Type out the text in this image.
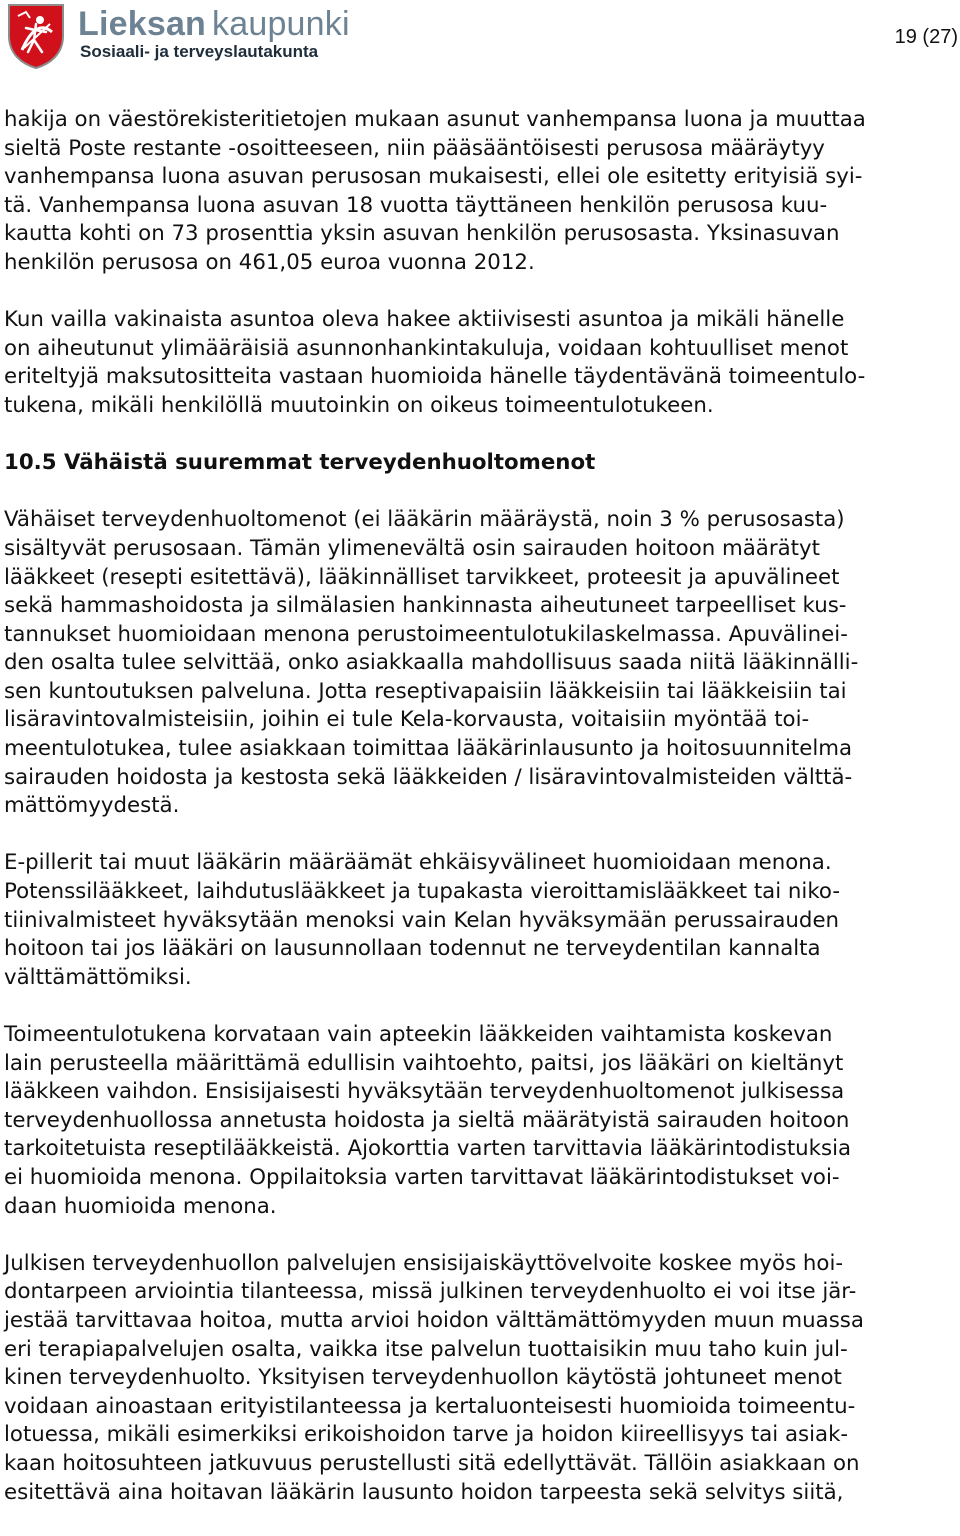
Lieksan kaupunki
Sosiaali- ja terveyslautakunta
19 (27)

hakija on väestörekisteritietojen mukaan asunut vanhempansa luona ja muuttaa
sieltä Poste restante -osoitteeseen, niin pääsääntöisesti perusosa määräytyy
vanhempansa luona asuvan perusosan mukaisesti, ellei ole esitetty erityisiä syi-
tä. Vanhempansa luona asuvan 18 vuotta täyttäneen henkilön perusosa kuu-
kautta kohti on 73 prosenttia yksin asuvan henkilön perusosasta. Yksinasuvan
henkilön perusosa on 461,05 euroa vuonna 2012.

Kun vailla vakinaista asuntoa oleva hakee aktiivisesti asuntoa ja mikäli hänelle
on aiheutunut ylimääräisiä asunnonhankintakuluja, voidaan kohtuulliset menot
eriteltyjä maksutositteita vastaan huomioida hänelle täydentävänä toimeentulo-
tukena, mikäli henkilöllä muutoinkin on oikeus toimeentulotukeen.

10.5 Vähäistä suuremmat terveydenhuoltomenot

Vähäiset terveydenhuoltomenot (ei lääkärin määräystä, noin 3 % perusosasta)
sisältyvät perusosaan. Tämän ylimenevältä osin sairauden hoitoon määrätyt
lääkkeet (resepti esitettävä), lääkinnälliset tarvikkeet, proteesit ja apuvälineet
sekä hammashoidosta ja silmälasien hankinnasta aiheutuneet tarpeelliset kus-
tannukset huomioidaan menona perustoimeentulotukilaskelmassa. Apuvälinei-
den osalta tulee selvittää, onko asiakkaalla mahdollisuus saada niitä lääkinnälli-
sen kuntoutuksen palveluna. Jotta reseptivapaisiin lääkkeisiin tai lääkkeisiin tai
lisäravintovalmisteisiin, joihin ei tule Kela-korvausta, voitaisiin myöntää toi-
meentulotukea, tulee asiakkaan toimittaa lääkärinlausunto ja hoitosuunnitelma
sairauden hoidosta ja kestosta sekä lääkkeiden / lisäravintovalmisteiden välttä-
mättömyydestä.

E-pillerit tai muut lääkärin määräämät ehkäisyvälineet huomioidaan menona.
Potenssilääkkeet, laihdutuslääkkeet ja tupakasta vieroittamislääkkeet tai niko-
tiinivalmisteet hyväksytään menoksi vain Kelan hyväksymään perussairauden
hoitoon tai jos lääkäri on lausunnollaan todennut ne terveydentilan kannalta
välttämättömiksi.

Toimeentulotukena korvataan vain apteekin lääkkeiden vaihtamista koskevan
lain perusteella määrittämä edullisin vaihtoehto, paitsi, jos lääkäri on kieltänyt
lääkkeen vaihdon. Ensisijaisesti hyväksytään terveydenhuoltomenot julkisessa
terveydenhuollossa annetusta hoidosta ja sieltä määrätyistä sairauden hoitoon
tarkoitetuista reseptilääkkeistä. Ajokorttia varten tarvittavia lääkärintodistuksia
ei huomioida menona. Oppilaitoksia varten tarvittavat lääkärintodistukset voi-
daan huomioida menona.

Julkisen terveydenhuollon palvelujen ensisijaiskäyttövelvoite koskee myös hoi-
dontarpeen arviointia tilanteessa, missä julkinen terveydenhuolto ei voi itse jär-
jestää tarvittavaa hoitoa, mutta arvioi hoidon välttämättömyyden muun muassa
eri terapiapalvelujen osalta, vaikka itse palvelun tuottaisikin muu taho kuin jul-
kinen terveydenhuolto. Yksityisen terveydenhuollon käytöstä johtuneet menot
voidaan ainoastaan erityistilanteessa ja kertaluonteisesti huomioida toimeentu-
lotuessa, mikäli esimerkiksi erikoishoidon tarve ja hoidon kiireellisyys tai asiak-
kaan hoitosuhteen jatkuvuus perustellusti sitä edellyttävät. Tällöin asiakkaan on
esitettävä aina hoitavan lääkärin lausunto hoidon tarpeesta sekä selvitys siitä,
